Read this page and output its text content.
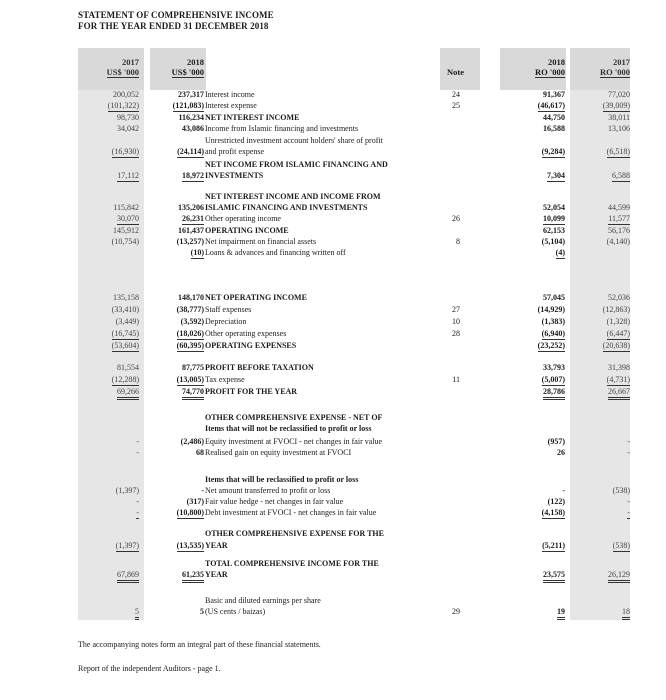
STATEMENT OF COMPREHENSIVE INCOME
FOR THE YEAR ENDED 31 DECEMBER 2018
2017
US$ '000
2018
US$ '000	Note
2018
RO '000
2017
RO '000
200,052	237,317 Interest income	24	91,367	77,020
(101,322)	(121,083) Interest expense	25	(46,617)	(39,009)
98,730	116,234 NET INTEREST INCOME	44,750	38,011
34,042	43,086 Income from Islamic financing and investments	16,588	13,106
Unrestricted investment account holders' share of profit
(16,930)	(24,114) and profit expense	(9,284)	(6,518)
NET INCOME FROM ISLAMIC FINANCING AND
17,112	18,972 INVESTMENTS	7,304	6,588
NET INTEREST INCOME AND INCOME FROM
115,842	135,206 ISLAMIC FINANCING AND INVESTMENTS	52,054	44,599
30,070	26,231 Other operating income	26	10,099	11,577
145,912	161,437 OPERATING INCOME	62,153	56,176
(10,754)	(13,257) Net impairment on financial assets	8	(5,104)	(4,140)
(10) Loans & advances and financing written off	(4)
135,158	148,170 NET OPERATING INCOME	57,045	52,036
(33,410)	(38,777) Staff expenses	27	(14,929)	(12,863)
(3,449)	(3,592) Depreciation	10	(1,383)	(1,328)
(16,745)	(18,026) Other operating expenses	28	(6,940)	(6,447)
(53,604)	(60,395) OPERATING EXPENSES	(23,252)	(20,638)
81,554	87,775 PROFIT BEFORE TAXATION	33,793	31,398
(12,288)	(13,005) Tax expense	11	(5,007)	(4,731)
69,266	74,770 PROFIT FOR THE YEAR	28,786	26,667
OTHER COMPREHENSIVE EXPENSE - NET OF
Items that will not be reclassified to profit or loss
-	(2,486) Equity investment at FVOCI - net changes in fair value	(957)	-
-	68 Realised gain on equity investment at FVOCI	26	-
Items that will be reclassified to profit or loss
(1,397)	- Net amount transferred to profit or loss	-	(538)
-	(317) Fair value hedge - net changes in fair value	(122)	-
-	(10,800) Debt investment at FVOCI - net changes in fair value	(4,158)	-
OTHER COMPREHENSIVE EXPENSE FOR THE
(1,397)	(13,535) YEAR	(5,211)	(538)
TOTAL COMPREHENSIVE INCOME FOR THE
67,869	61,235 YEAR	23,575	26,129
Basic and diluted earnings per share
5	5 (US cents / baizas)	29	19	18
The accompanying notes form an integral part of these financial statements.
Report of the independent Auditors - page 1.
